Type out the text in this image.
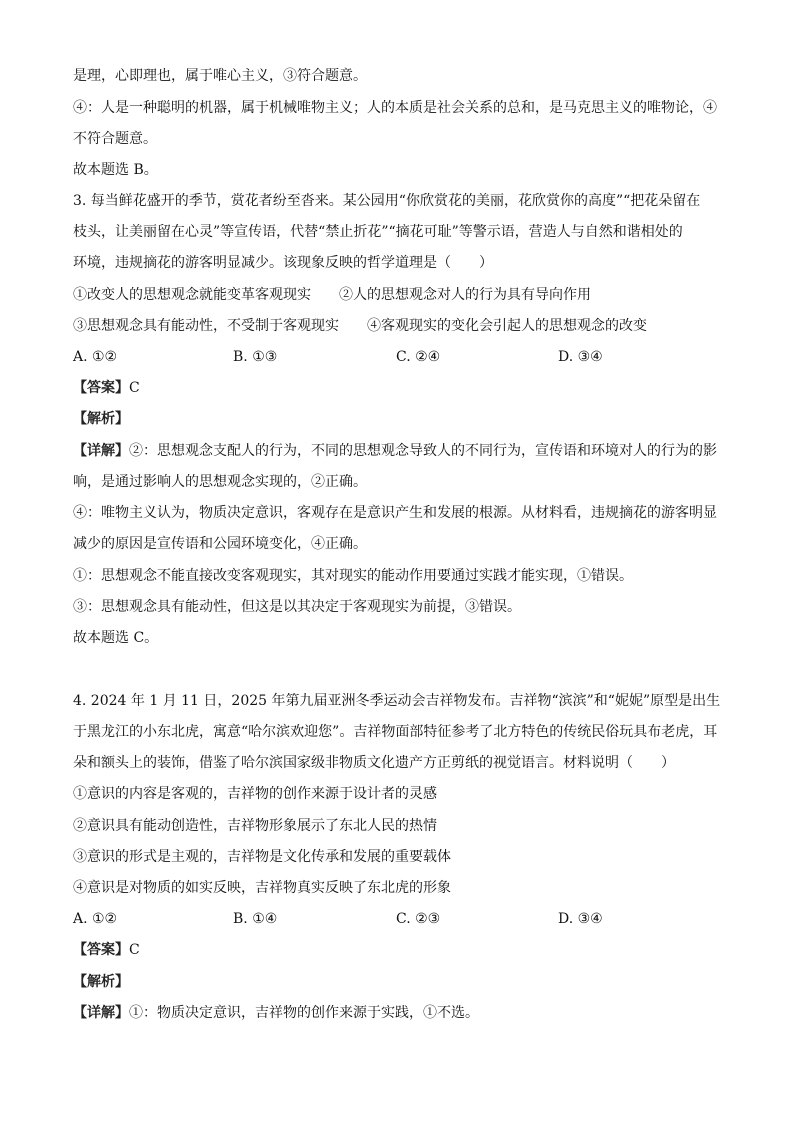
是理，心即理也，属于唯心主义，③符合题意。
④：人是一种聪明的机器，属于机械唯物主义；人的本质是社会关系的总和，是马克思主义的唯物论，④
不符合题意。
故本题选 B。
3. 每当鲜花盛开的季节，赏花者纷至沓来。某公园用“你欣赏花的美丽，花欣赏你的高度”“把花朵留在
枝头，让美丽留在心灵”等宣传语，代替“禁止折花”“摘花可耻”等警示语，营造人与自然和谐相处的
环境，违规摘花的游客明显减少。该现象反映的哲学道理是（　　）
①改变人的思想观念就能变革客观现实 ②人的思想观念对人的行为具有导向作用
③思想观念具有能动性，不受制于客观现实 ④客观现实的变化会引起人的思想观念的改变
A. ①②	B. ①③	C. ②④	D. ③④
【答案】C
【解析】
【详解】②：思想观念支配人的行为，不同的思想观念导致人的不同行为，宣传语和环境对人的行为的影
响，是通过影响人的思想观念实现的，②正确。
④：唯物主义认为，物质决定意识，客观存在是意识产生和发展的根源。从材料看，违规摘花的游客明显
减少的原因是宣传语和公园环境变化，④正确。
①：思想观念不能直接改变客观现实，其对现实的能动作用要通过实践才能实现，①错误。
③：思想观念具有能动性，但这是以其决定于客观现实为前提，③错误。
故本题选 C。
4. 2024 年 1 月 11 日，2025 年第九届亚洲冬季运动会吉祥物发布。吉祥物“滨滨”和“妮妮”原型是出生
于黑龙江的小东北虎，寓意“哈尔滨欢迎您”。吉祥物面部特征参考了北方特色的传统民俗玩具布老虎，耳
朵和额头上的装饰，借鉴了哈尔滨国家级非物质文化遗产方正剪纸的视觉语言。材料说明（　　）
①意识的内容是客观的，吉祥物的创作来源于设计者的灵感
②意识具有能动创造性，吉祥物形象展示了东北人民的热情
③意识的形式是主观的，吉祥物是文化传承和发展的重要载体
④意识是对物质的如实反映，吉祥物真实反映了东北虎的形象
A. ①②	B. ①④	C. ②③	D. ③④
【答案】C
【解析】
【详解】①：物质决定意识，吉祥物的创作来源于实践，①不选。
